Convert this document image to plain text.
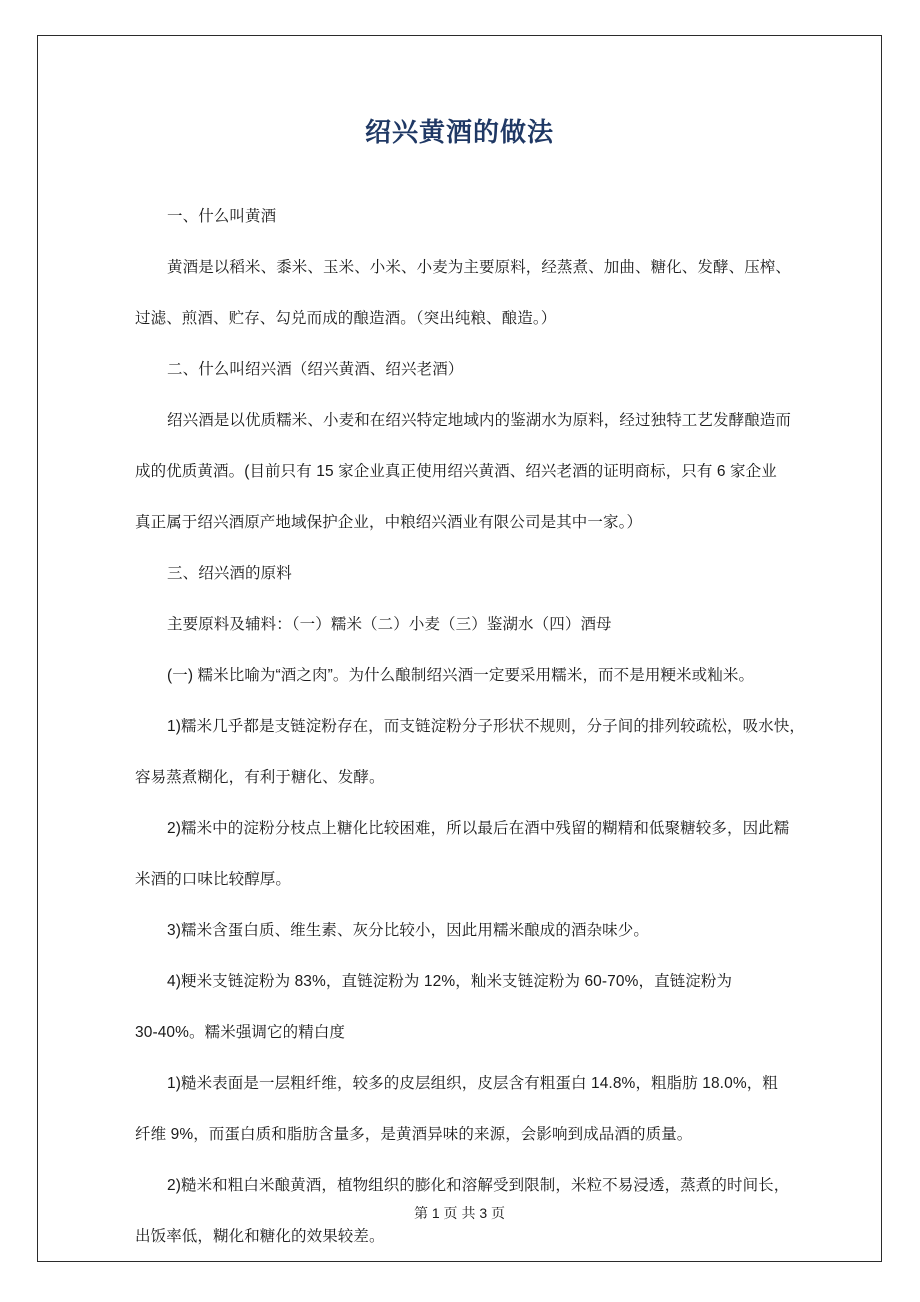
绍兴黄酒的做法
一、什么叫黄酒
黄酒是以稻米、黍米、玉米、小米、小麦为主要原料，经蒸煮、加曲、糖化、发酵、压榨、
过滤、煎酒、贮存、勾兑而成的酿造酒。（突出纯粮、酿造。）
二、什么叫绍兴酒（绍兴黄酒、绍兴老酒）
绍兴酒是以优质糯米、小麦和在绍兴特定地域内的鉴湖水为原料，经过独特工艺发酵酿造而
成的优质黄酒。(目前只有 15 家企业真正使用绍兴黄酒、绍兴老酒的证明商标，只有 6 家企业
真正属于绍兴酒原产地域保护企业，中粮绍兴酒业有限公司是其中一家。）
三、绍兴酒的原料
主要原料及辅料：（一）糯米（二）小麦（三）鉴湖水（四）酒母
(一) 糯米比喻为“酒之肉”。为什么酿制绍兴酒一定要采用糯米，而不是用粳米或籼米。
1)糯米几乎都是支链淀粉存在，而支链淀粉分子形状不规则，分子间的排列较疏松，吸水快，
容易蒸煮糊化，有利于糖化、发酵。
2)糯米中的淀粉分枝点上糖化比较困难，所以最后在酒中残留的糊精和低聚糖较多，因此糯
米酒的口味比较醇厚。
3)糯米含蛋白质、维生素、灰分比较小，因此用糯米酿成的酒杂味少。
4)粳米支链淀粉为 83%，直链淀粉为 12%，籼米支链淀粉为 60-70%，直链淀粉为
30-40%。糯米强调它的精白度
1)糙米表面是一层粗纤维，较多的皮层组织，皮层含有粗蛋白 14.8%，粗脂肪 18.0%，粗
纤维 9%，而蛋白质和脂肪含量多，是黄酒异味的来源，会影响到成品酒的质量。
2)糙米和粗白米酿黄酒，植物组织的膨化和溶解受到限制，米粒不易浸透，蒸煮的时间长，
出饭率低，糊化和糖化的效果较差。
第 1 页 共 3 页
